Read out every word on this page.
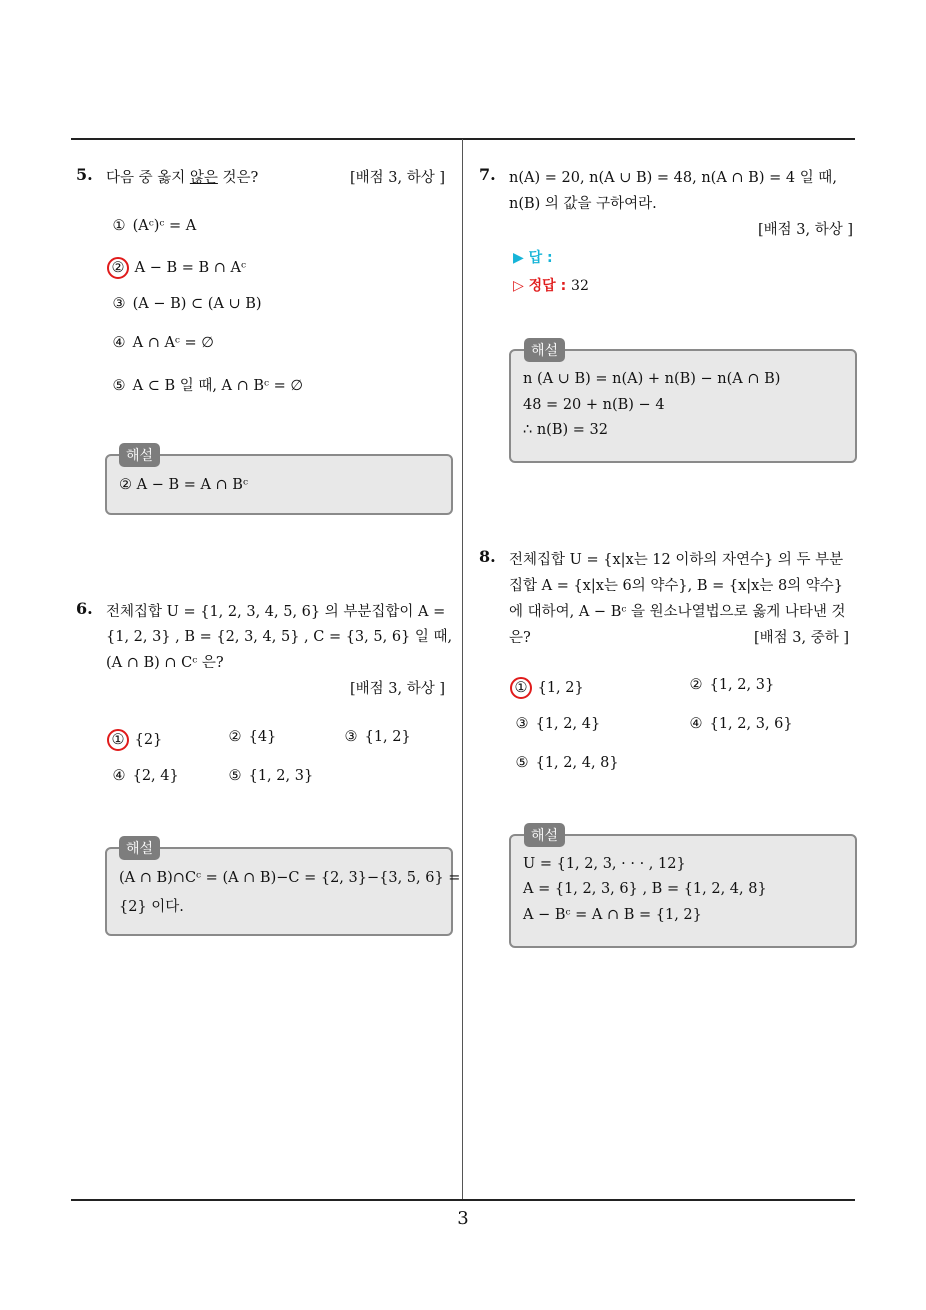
5. 다음 중 옳지 않은 것은?	[배점 3, 하상 ]
① (Aᶜ)ᶜ = A
② A − B = B ∩ Aᶜ
③ (A − B) ⊂ (A ∪ B)
④ A ∩ Aᶜ = ∅
⑤ A ⊂ B 일 때, A ∩ Bᶜ = ∅
② A − B = A ∩ Bᶜ
해설
6. 전체집합 U = {1, 2, 3, 4, 5, 6} 의 부분집합이 A =
{1, 2, 3} , B = {2, 3, 4, 5} , C = {3, 5, 6} 일 때,
(A ∩ B) ∩ Cᶜ 은?
[배점 3, 하상 ]
① {2}	② {4}	③ {1, 2}
④ {2, 4}	⑤ {1, 2, 3}
(A ∩ B)∩Cᶜ = (A ∩ B)−C = {2, 3}−{3, 5, 6} =
{2} 이다.
해설
7. n(A) = 20, n(A ∪ B) = 48, n(A ∩ B) = 4 일 때,
n(B) 의 값을 구하여라.
[배점 3, 하상 ]
▶ 답 :
▷ 정답 : 32
n (A ∪ B) = n(A) + n(B) − n(A ∩ B)
48 = 20 + n(B) − 4
∴ n(B) = 32
해설
8. 전체집합 U = {x|x는 12 이하의 자연수} 의 두 부분
집합 A = {x|x는 6의 약수}, B = {x|x는 8의 약수}
에 대하여, A − Bᶜ 을 원소나열법으로 옳게 나타낸 것
은?	[배점 3, 중하 ]
① {1, 2}	② {1, 2, 3}
③ {1, 2, 4}	④ {1, 2, 3, 6}
⑤ {1, 2, 4, 8}
U = {1, 2, 3, · · · , 12}
A = {1, 2, 3, 6} , B = {1, 2, 4, 8}
A − Bᶜ = A ∩ B = {1, 2}
해설
3
